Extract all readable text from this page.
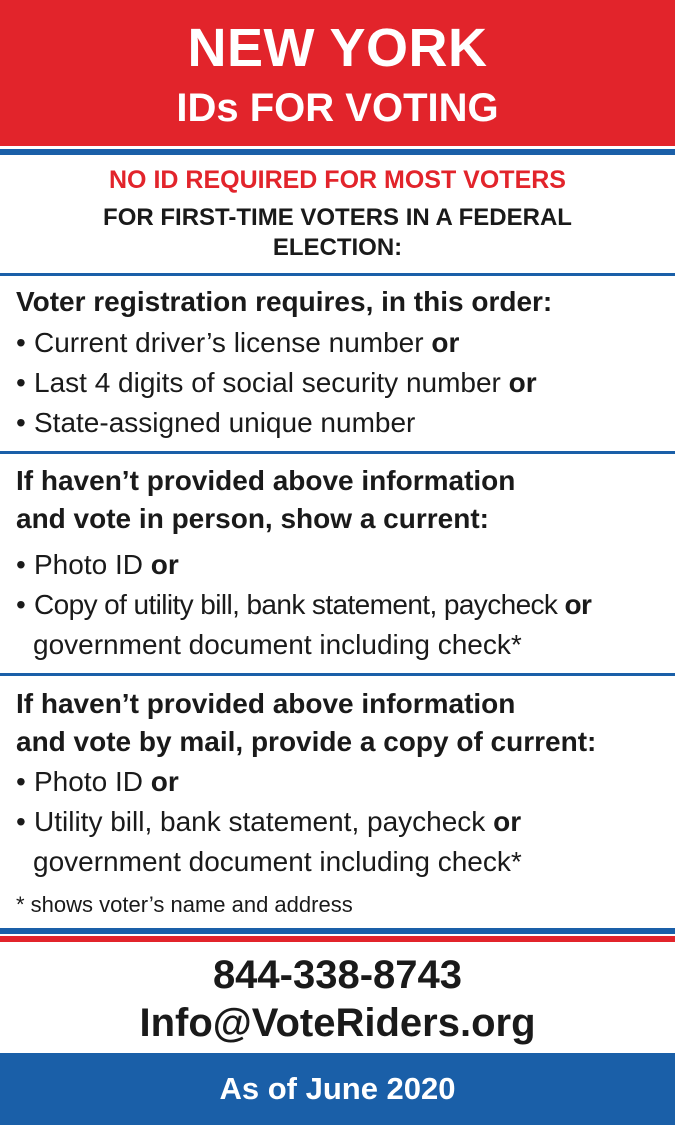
NEW YORK
IDs FOR VOTING
NO ID REQUIRED FOR MOST VOTERS
FOR FIRST-TIME VOTERS IN A FEDERAL ELECTION:
Voter registration requires, in this order:
• Current driver’s license number or
• Last 4 digits of social security number or
• State-assigned unique number
If haven’t provided above information
and vote in person, show a current:
• Photo ID or
• Copy of utility bill, bank statement, paycheck or
government document including check*
If haven’t provided above information
and vote by mail, provide a copy of current:
• Photo ID or
• Utility bill, bank statement, paycheck or
government document including check*
* shows voter’s name and address
844-338-8743
Info@VoteRiders.org
As of June 2020
